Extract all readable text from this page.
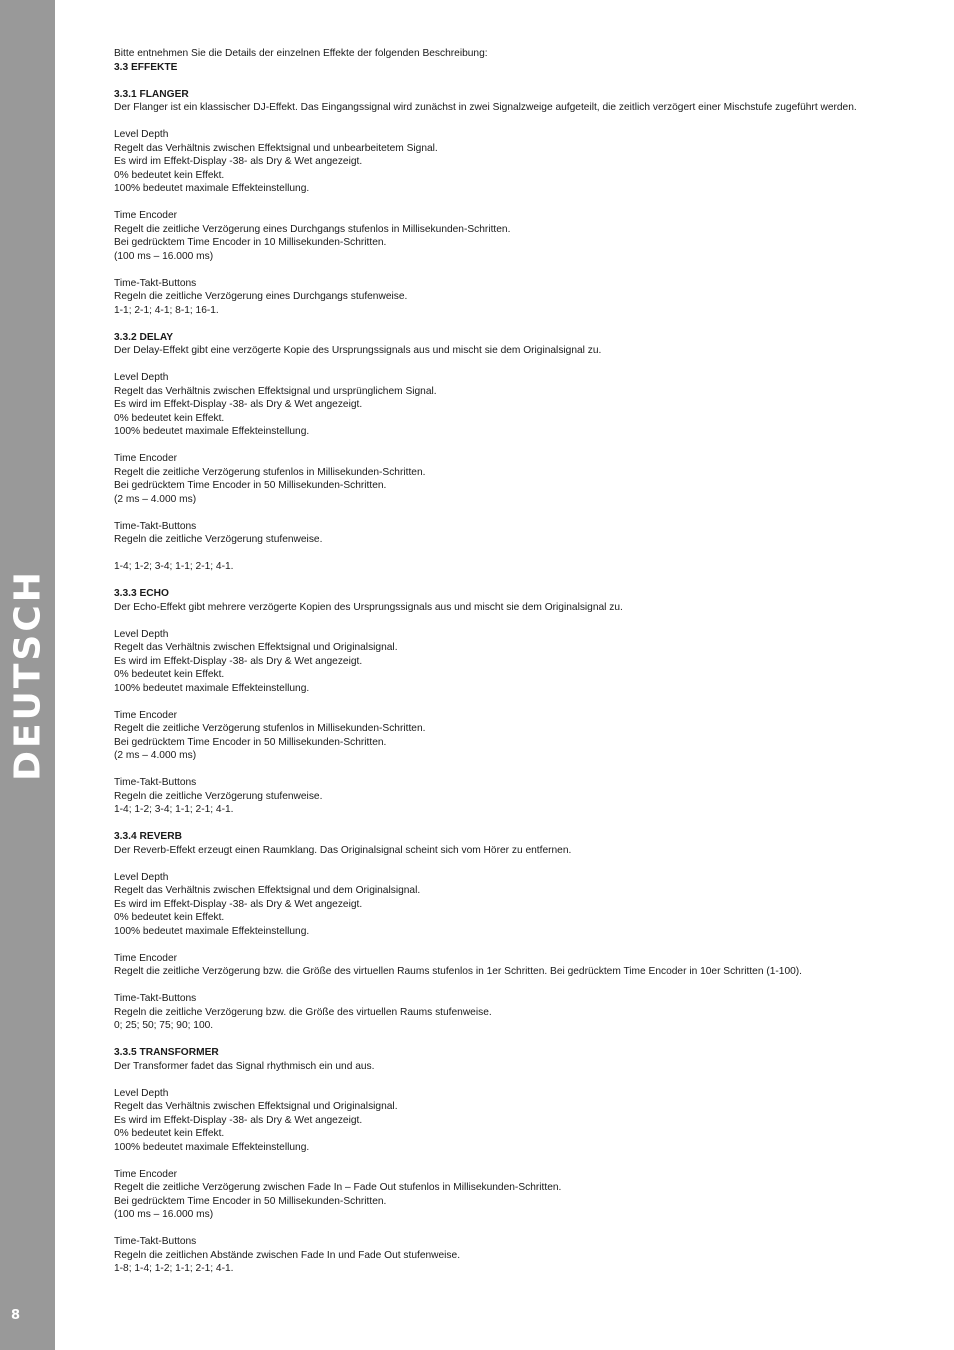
DEUTSCH
8
Bitte entnehmen Sie die Details der einzelnen Effekte der folgenden Beschreibung:
3.3 EFFEKTE
3.3.1 FLANGER
Der Flanger ist ein klassischer DJ-Effekt. Das Eingangssignal wird zunächst in zwei Signalzweige aufgeteilt, die zeitlich verzögert einer Mischstufe zugeführt werden.
Level Depth
Regelt das Verhältnis zwischen Effektsignal und unbearbeitetem Signal.
Es wird im Effekt-Display -38- als Dry & Wet angezeigt.
0% bedeutet kein Effekt.
100% bedeutet maximale Effekteinstellung.
Time Encoder
Regelt die zeitliche Verzögerung eines Durchgangs stufenlos in Millisekunden-Schritten.
Bei gedrücktem Time Encoder in 10 Millisekunden-Schritten.
(100 ms – 16.000 ms)
Time-Takt-Buttons
Regeln die zeitliche Verzögerung eines Durchgangs stufenweise.
1-1; 2-1; 4-1; 8-1; 16-1.
3.3.2 DELAY
Der Delay-Effekt gibt eine verzögerte Kopie des Ursprungssignals aus und mischt sie dem Originalsignal zu.
Level Depth
Regelt das Verhältnis zwischen Effektsignal und ursprünglichem Signal.
Es wird im Effekt-Display -38- als Dry & Wet angezeigt.
0% bedeutet kein Effekt.
100% bedeutet maximale Effekteinstellung.
Time Encoder
Regelt die zeitliche Verzögerung stufenlos in Millisekunden-Schritten.
Bei gedrücktem Time Encoder in 50 Millisekunden-Schritten.
(2 ms – 4.000 ms)
Time-Takt-Buttons
Regeln die zeitliche Verzögerung stufenweise.
1-4; 1-2; 3-4; 1-1; 2-1; 4-1.
3.3.3 ECHO
Der Echo-Effekt gibt mehrere verzögerte Kopien des Ursprungssignals aus und mischt sie dem Originalsignal zu.
Level Depth
Regelt das Verhältnis zwischen Effektsignal und Originalsignal.
Es wird im Effekt-Display -38- als Dry & Wet angezeigt.
0% bedeutet kein Effekt.
100% bedeutet maximale Effekteinstellung.
Time Encoder
Regelt die zeitliche Verzögerung stufenlos in Millisekunden-Schritten.
Bei gedrücktem Time Encoder in 50 Millisekunden-Schritten.
(2 ms – 4.000 ms)
Time-Takt-Buttons
Regeln die zeitliche Verzögerung stufenweise.
1-4; 1-2; 3-4; 1-1; 2-1; 4-1.
3.3.4 REVERB
Der Reverb-Effekt erzeugt einen Raumklang. Das Originalsignal scheint sich vom Hörer zu entfernen.
Level Depth
Regelt das Verhältnis zwischen Effektsignal und dem Originalsignal.
Es wird im Effekt-Display -38- als Dry & Wet angezeigt.
0% bedeutet kein Effekt.
100% bedeutet maximale Effekteinstellung.
Time Encoder
Regelt die zeitliche Verzögerung bzw. die Größe des virtuellen Raums stufenlos in 1er Schritten. Bei gedrücktem Time Encoder in 10er Schritten (1-100).
Time-Takt-Buttons
Regeln die zeitliche Verzögerung bzw. die Größe des virtuellen Raums stufenweise.
0; 25; 50; 75; 90; 100.
3.3.5 TRANSFORMER
Der Transformer fadet das Signal rhythmisch ein und aus.
Level Depth
Regelt das Verhältnis zwischen Effektsignal und Originalsignal.
Es wird im Effekt-Display -38- als Dry & Wet angezeigt.
0% bedeutet kein Effekt.
100% bedeutet maximale Effekteinstellung.
Time Encoder
Regelt die zeitliche Verzögerung zwischen Fade In – Fade Out stufenlos in Millisekunden-Schritten.
Bei gedrücktem Time Encoder in 50 Millisekunden-Schritten.
(100 ms – 16.000 ms)
Time-Takt-Buttons
Regeln die zeitlichen Abstände zwischen Fade In und Fade Out stufenweise.
1-8; 1-4; 1-2; 1-1; 2-1; 4-1.
